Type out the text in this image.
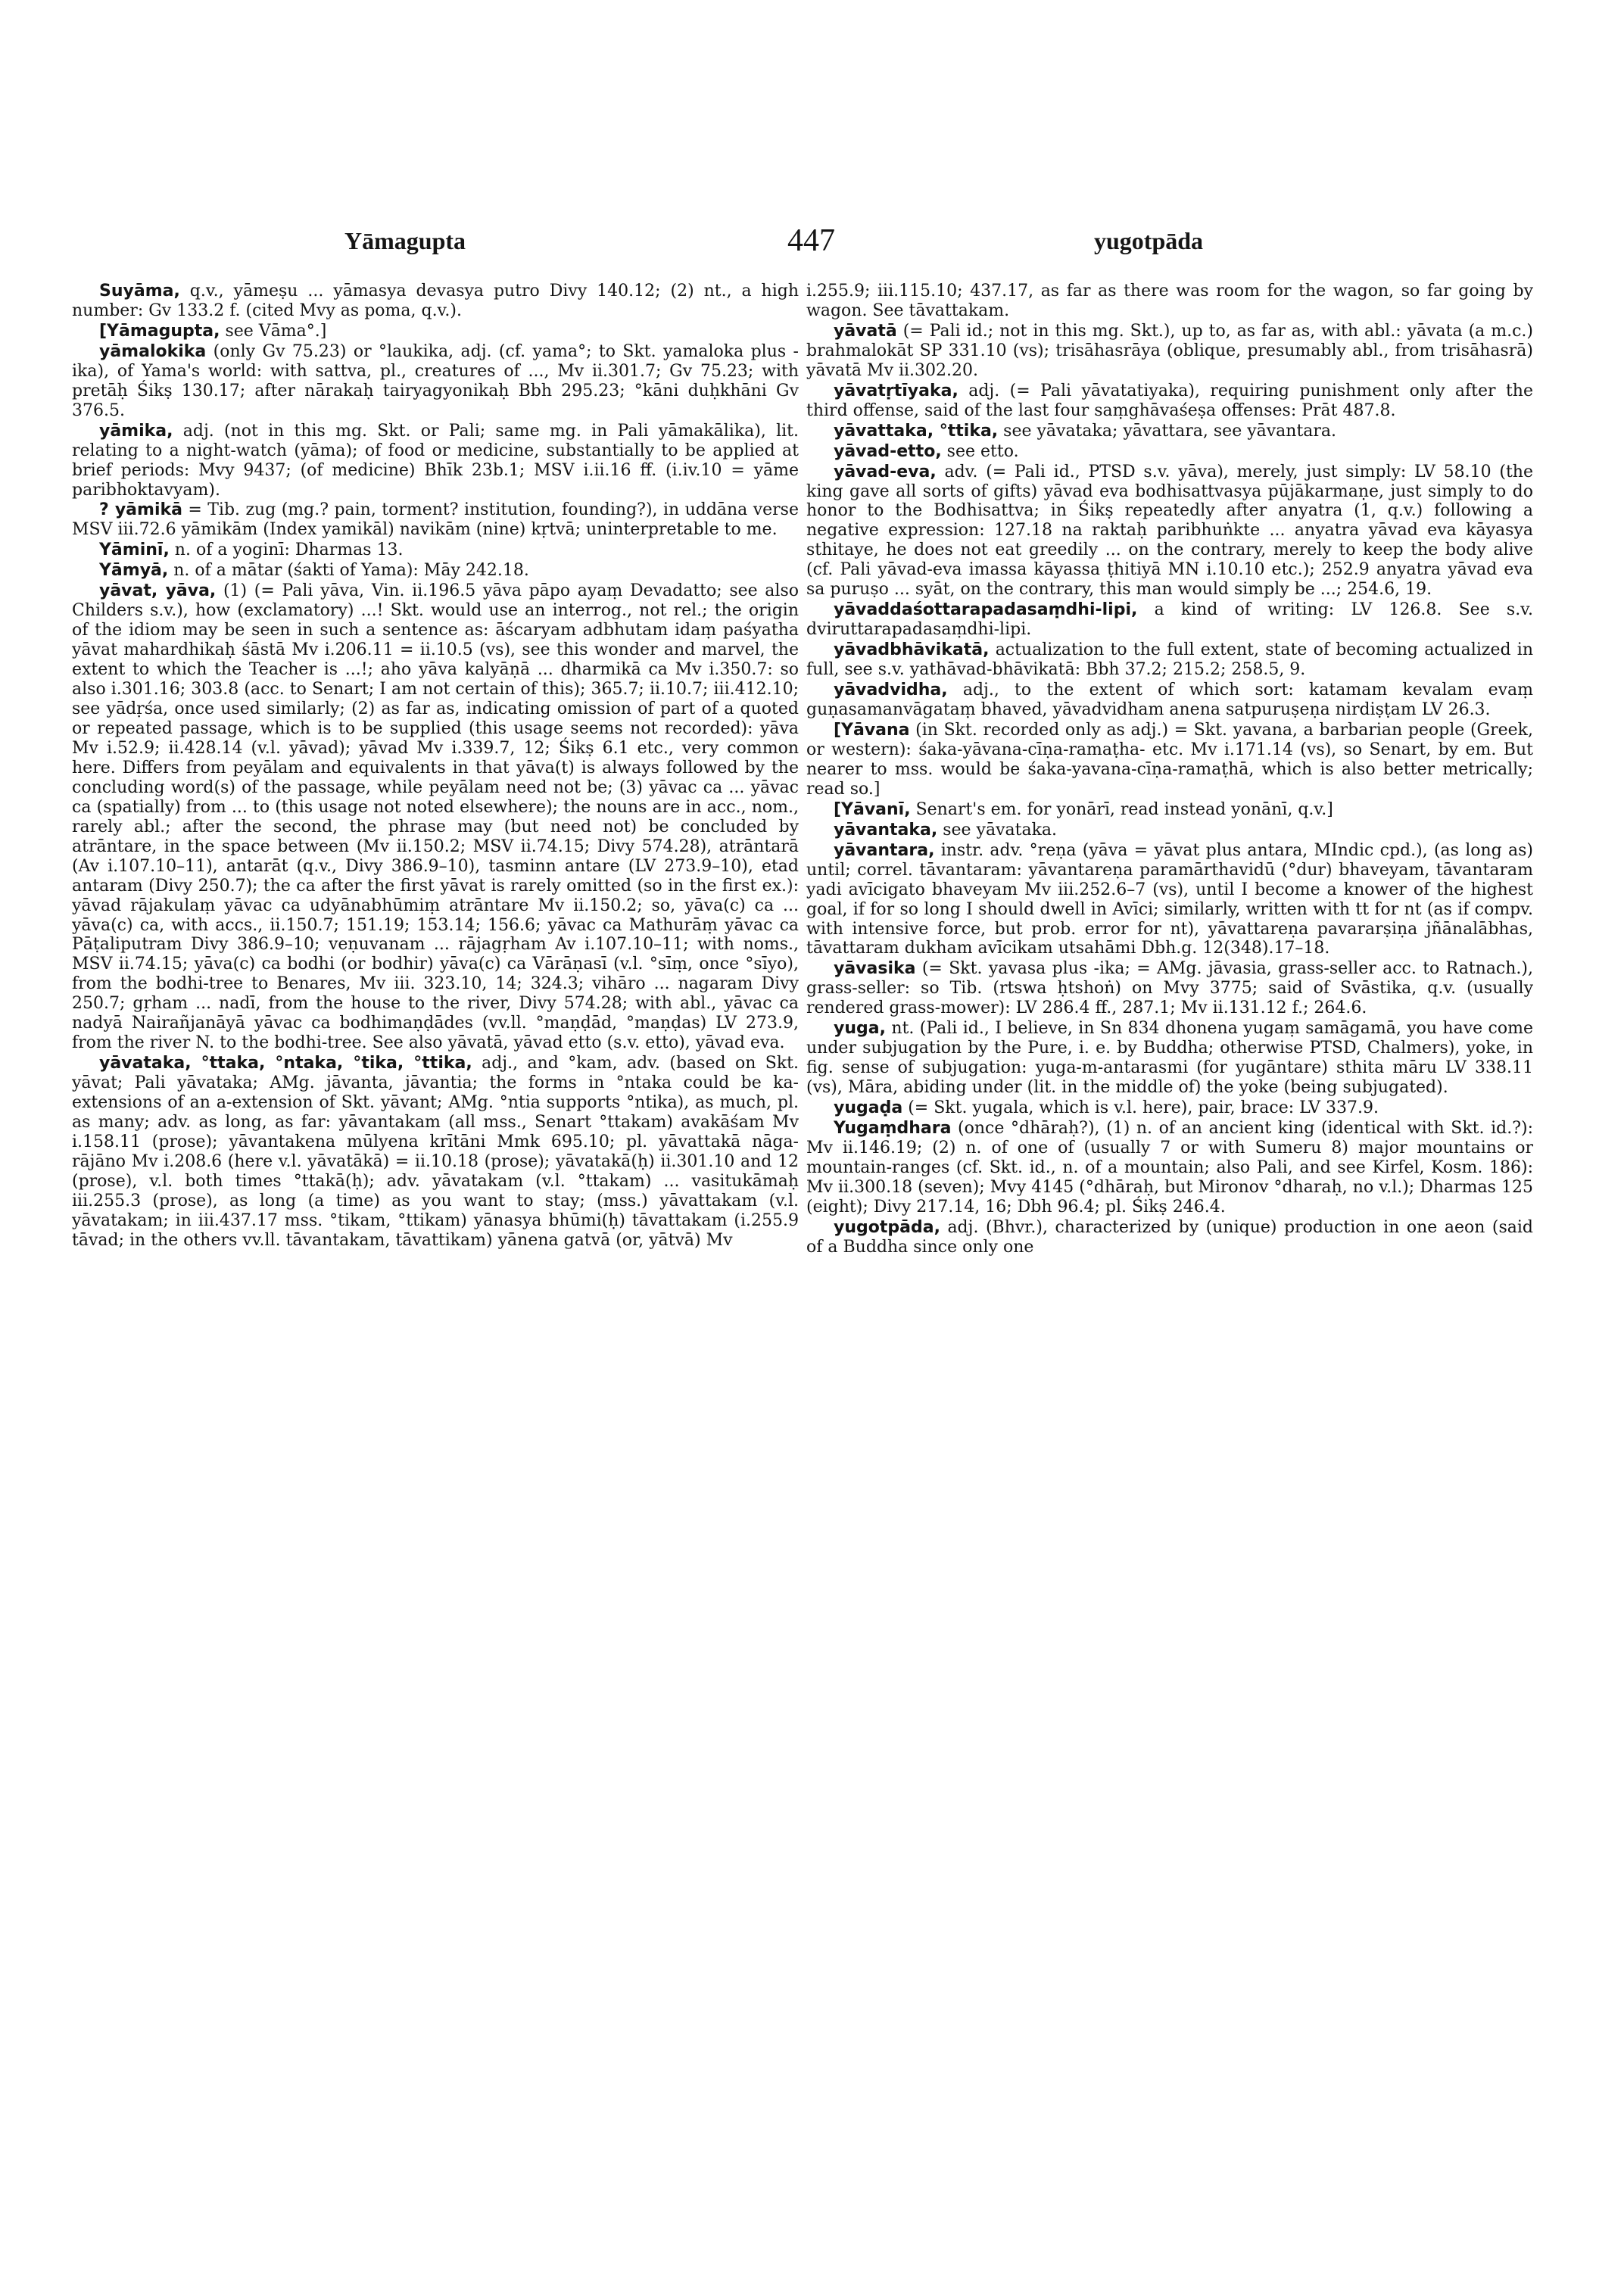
Yāmagupta	447	yugotpāda

Suyāma, q.v., yāmeṣu ... yāmasya devasya putro Divy 140.12; (2) nt., a high number: Gv 133.2 f. (cited Mvy as poma, q.v.).

[Yāmagupta, see Vāma°.]

yāmalokika (only Gv 75.23) or °laukika, adj. (cf. yama°; to Skt. yamaloka plus -ika), of Yama's world: with sattva, pl., creatures of ..., Mv ii.301.7; Gv 75.23; with pretāḥ Śikṣ 130.17; after nārakaḥ tairyagyonikaḥ Bbh 295.23; °kāni duḥkhāni Gv 376.5.

yāmika, adj. (not in this mg. Skt. or Pali; same mg. in Pali yāmakālika), lit. relating to a night-watch (yāma); of food or medicine, substantially to be applied at brief periods: Mvy 9437; (of medicine) Bhīk 23b.1; MSV i.ii.16 ff. (i.iv.10 = yāme paribhoktavyam).

? yāmikā = Tib. zug (mg.? pain, torment? institution, founding?), in uddāna verse MSV iii.72.6 yāmikām (Index yamikāl) navikām (nine) kṛtvā; uninterpretable to me.

Yāminī, n. of a yoginī: Dharmas 13.

Yāmyā, n. of a mātar (śakti of Yama): Māy 242.18.

yāvat, yāva, (1) (= Pali yāva, Vin. ii.196.5 yāva pāpo ayaṃ Devadatto; see also Childers s.v.), how (exclamatory) ...! Skt. would use an interrog., not rel.; the origin of the idiom may be seen in such a sentence as: āścaryam adbhutam idaṃ paśyatha yāvat mahardhikaḥ śāstā Mv i.206.11 = ii.10.5 (vs), see this wonder and marvel, the extent to which the Teacher is ...!; aho yāva kalyāṇā ... dharmikā ca Mv i.350.7: so also i.301.16; 303.8 (acc. to Senart; I am not certain of this); 365.7; ii.10.7; iii.412.10; see yādṛśa, once used similarly; (2) as far as, indicating omission of part of a quoted or repeated passage, which is to be supplied (this usage seems not recorded): yāva Mv i.52.9; ii.428.14 (v.l. yāvad); yāvad Mv i.339.7, 12; Śikṣ 6.1 etc., very common here. Differs from peyālam and equivalents in that yāva(t) is always followed by the concluding word(s) of the passage, while peyālam need not be; (3) yāvac ca ... yāvac ca (spatially) from ... to (this usage not noted elsewhere); the nouns are in acc., nom., rarely abl.; after the second, the phrase may (but need not) be concluded by atrāntare, in the space between (Mv ii.150.2; MSV ii.74.15; Divy 574.28), atrāntarā (Av i.107.10–11), antarāt (q.v., Divy 386.9–10), tasminn antare (LV 273.9–10), etad antaram (Divy 250.7); the ca after the first yāvat is rarely omitted (so in the first ex.): yāvad rājakulaṃ yāvac ca udyānabhūmiṃ atrāntare Mv ii.150.2; so, yāva(c) ca ... yāva(c) ca, with accs., ii.150.7; 151.19; 153.14; 156.6; yāvac ca Mathurāṃ yāvac ca Pāṭaliputram Divy 386.9–10; veṇuvanam ... rājagṛham Av i.107.10–11; with noms., MSV ii.74.15; yāva(c) ca bodhi (or bodhir) yāva(c) ca Vārāṇasī (v.l. °sīṃ, once °sīyo), from the bodhi-tree to Benares, Mv iii. 323.10, 14; 324.3; vihāro ... nagaram Divy 250.7; gṛham ... nadī, from the house to the river, Divy 574.28; with abl., yāvac ca nadyā Nairañjanāyā yāvac ca bodhimaṇḍādes (vv.ll. °maṇḍād, °maṇḍas) LV 273.9, from the river N. to the bodhi-tree. See also yāvatā, yāvad etto (s.v. etto), yāvad eva.

yāvataka, °ttaka, °ntaka, °tika, °ttika, adj., and °kam, adv. (based on Skt. yāvat; Pali yāvataka; AMg. jāvanta, jāvantia; the forms in °ntaka could be ka-extensions of an a-extension of Skt. yāvant; AMg. °ntia supports °ntika), as much, pl. as many; adv. as long, as far: yāvantakam (all mss., Senart °ttakam) avakāśam Mv i.158.11 (prose); yāvantakena mūlyena krītāni Mmk 695.10; pl. yāvattakā nāga-rājāno Mv i.208.6 (here v.l. yāvatākā) = ii.10.18 (prose); yāvatakā(ḥ) ii.301.10 and 12 (prose), v.l. both times °ttakā(ḥ); adv. yāvatakam (v.l. °ttakam) ... vasitukāmaḥ iii.255.3 (prose), as long (a time) as you want to stay; (mss.) yāvattakam (v.l. yāvatakam; in iii.437.17 mss. °tikam, °ttikam) yānasya bhūmi(ḥ) tāvattakam (i.255.9 tāvad; in the others vv.ll. tāvantakam, tāvattikam) yānena gatvā (or, yātvā) Mv

i.255.9; iii.115.10; 437.17, as far as there was room for the wagon, so far going by wagon. See tāvattakam.

yāvatā (= Pali id.; not in this mg. Skt.), up to, as far as, with abl.: yāvata (a m.c.) brahmalokāt SP 331.10 (vs); trisāhasrāya (oblique, presumably abl., from trisāhasrā) yāvatā Mv ii.302.20.

yāvatṛtīyaka, adj. (= Pali yāvatatiyaka), requiring punishment only after the third offense, said of the last four saṃghāvaśeṣa offenses: Prāt 487.8.

yāvattaka, °ttika, see yāvataka; yāvattara, see yāvantara.

yāvad-etto, see etto.

yāvad-eva, adv. (= Pali id., PTSD s.v. yāva), merely, just simply: LV 58.10 (the king gave all sorts of gifts) yāvad eva bodhisattvasya pūjākarmaṇe, just simply to do honor to the Bodhisattva; in Śikṣ repeatedly after anyatra (1, q.v.) following a negative expression: 127.18 na raktaḥ paribhuṅkte ... anyatra yāvad eva kāyasya sthitaye, he does not eat greedily ... on the contrary, merely to keep the body alive (cf. Pali yāvad-eva imassa kāyassa ṭhitiyā MN i.10.10 etc.); 252.9 anyatra yāvad eva sa puruṣo ... syāt, on the contrary, this man would simply be ...; 254.6, 19.

yāvaddaśottarapadasaṃdhi-lipi, a kind of writing: LV 126.8. See s.v. dviruttarapadasaṃdhi-lipi.

yāvadbhāvikatā, actualization to the full extent, state of becoming actualized in full, see s.v. yathāvad-bhāvikatā: Bbh 37.2; 215.2; 258.5, 9.

yāvadvidha, adj., to the extent of which sort: katamam kevalam evaṃ guṇasamanvāgataṃ bhaved, yāvadvidham anena satpuruṣeṇa nirdiṣṭam LV 26.3.

[Yāvana (in Skt. recorded only as adj.) = Skt. yavana, a barbarian people (Greek, or western): śaka-yāvana-cīṇa-ramaṭha- etc. Mv i.171.14 (vs), so Senart, by em. But nearer to mss. would be śaka-yavana-cīṇa-ramaṭhā, which is also better metrically; read so.]

[Yāvanī, Senart's em. for yonārī, read instead yonānī, q.v.]

yāvantaka, see yāvataka.

yāvantara, instr. adv. °reṇa (yāva = yāvat plus antara, MIndic cpd.), (as long as) until; correl. tāvantaram: yāvantareṇa paramārthavidū (°dur) bhaveyam, tāvantaram yadi avīcigato bhaveyam Mv iii.252.6–7 (vs), until I become a knower of the highest goal, if for so long I should dwell in Avīci; similarly, written with tt for nt (as if compv. with intensive force, but prob. error for nt), yāvattareṇa pavararṣiṇa jñānalābhas, tāvattaram dukham avīcikam utsahāmi Dbh.g. 12(348).17–18.

yāvasika (= Skt. yavasa plus -ika; = AMg. jāvasia, grass-seller acc. to Ratnach.), grass-seller: so Tib. (rtswa ḥtshoṅ) on Mvy 3775; said of Svāstika, q.v. (usually rendered grass-mower): LV 286.4 ff., 287.1; Mv ii.131.12 f.; 264.6.

yuga, nt. (Pali id., I believe, in Sn 834 dhonena yugaṃ samāgamā, you have come under subjugation by the Pure, i. e. by Buddha; otherwise PTSD, Chalmers), yoke, in fig. sense of subjugation: yuga-m-antarasmi (for yugāntare) sthita māru LV 338.11 (vs), Māra, abiding under (lit. in the middle of) the yoke (being subjugated).

yugaḍa (= Skt. yugala, which is v.l. here), pair, brace: LV 337.9.

Yugaṃdhara (once °dhāraḥ?), (1) n. of an ancient king (identical with Skt. id.?): Mv ii.146.19; (2) n. of one of (usually 7 or with Sumeru 8) major mountains or mountain-ranges (cf. Skt. id., n. of a mountain; also Pali, and see Kirfel, Kosm. 186): Mv ii.300.18 (seven); Mvy 4145 (°dhāraḥ, but Mironov °dharaḥ, no v.l.); Dharmas 125 (eight); Divy 217.14, 16; Dbh 96.4; pl. Śikṣ 246.4.

yugotpāda, adj. (Bhvr.), characterized by (unique) production in one aeon (said of a Buddha since only one
